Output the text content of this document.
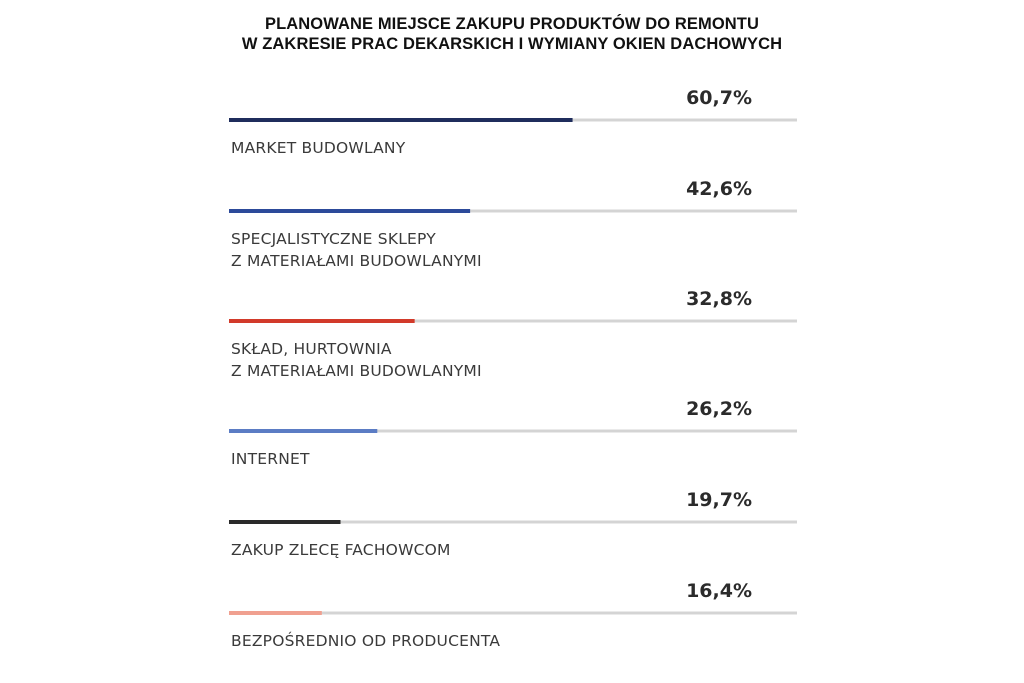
PLANOWANE MIEJSCE ZAKUPU PRODUKTÓW DO REMONTU
W ZAKRESIE PRAC DEKARSKICH I WYMIANY OKIEN DACHOWYCH
60,7%
MARKET BUDOWLANY
42,6%
SPECJALISTYCZNE SKLEPY
Z MATERIAŁAMI BUDOWLANYMI
32,8%
SKŁAD, HURTOWNIA
Z MATERIAŁAMI BUDOWLANYMI
26,2%
INTERNET
19,7%
ZAKUP ZLECĘ FACHOWCOM
16,4%
BEZPOŚREDNIO OD PRODUCENTA
